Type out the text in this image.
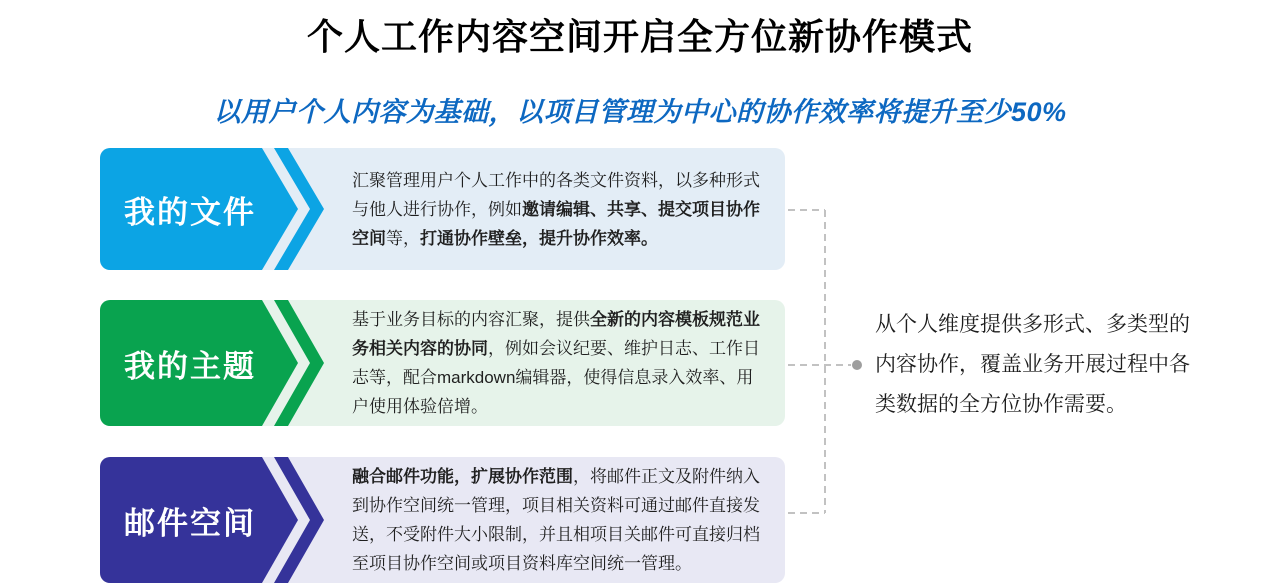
个人工作内容空间开启全方位新协作模式
以用户个人内容为基础，以项目管理为中心的协作效率将提升至少50%
我的文件

汇聚管理用户个人工作中的各类文件资料，以多种形式与他人进行协作，例如邀请编辑、共享、提交项目协作空间等，打通协作壁垒，提升协作效率。

我的主题

基于业务目标的内容汇聚，提供全新的内容模板规范业务相关内容的协同，例如会议纪要、维护日志、工作日志等，配合markdown编辑器，使得信息录入效率、用户使用体验倍增。

邮件空间

融合邮件功能，扩展协作范围，将邮件正文及附件纳入到协作空间统一管理，项目相关资料可通过邮件直接发送，不受附件大小限制，并且相项目关邮件可直接归档至项目协作空间或项目资料库空间统一管理。

从个人维度提供多形式、多类型的内容协作，覆盖业务开展过程中各类数据的全方位协作需要。
